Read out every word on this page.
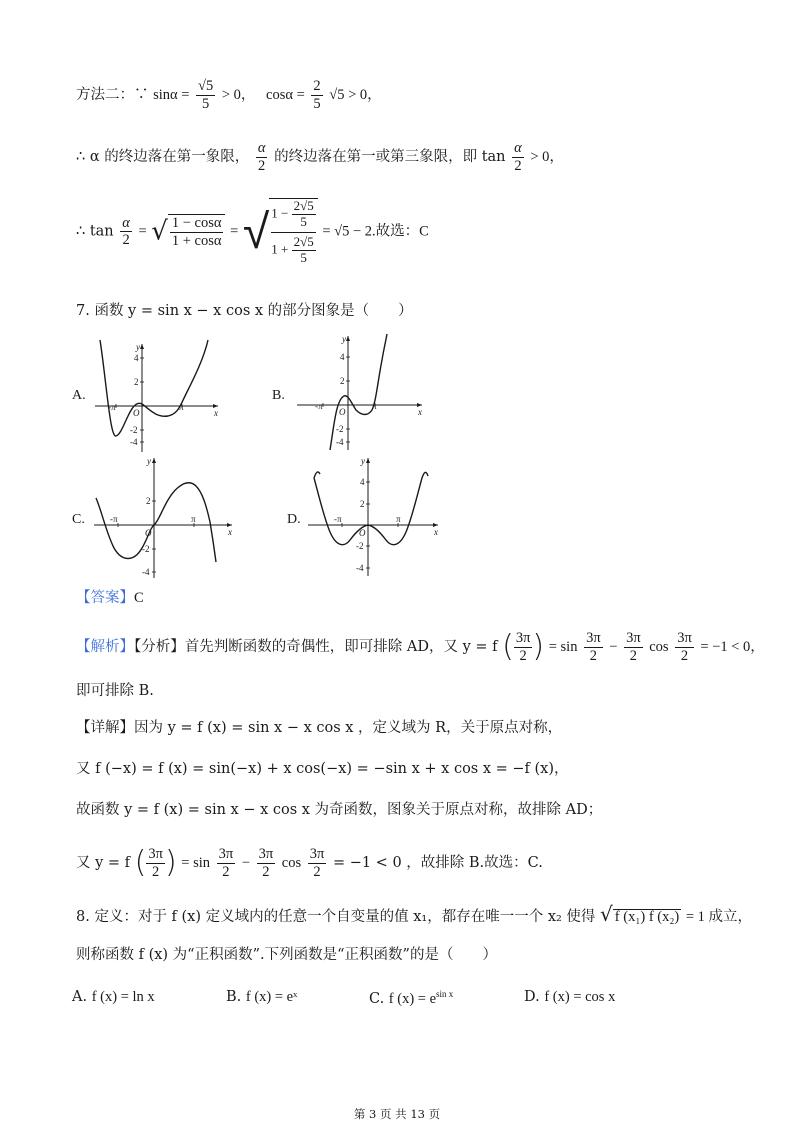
方法二：∵ $\sin\alpha = \frac{√5}{5} > 0$， $\cos\alpha = \frac{2}{5} √5 > 0$，
∴ α 的终边落在第一象限， $\frac{\alpha}{2}$ 的终边落在第一或第三象限，即 $\tan \frac{\alpha}{2} > 0$，
∴ $\tan \frac{\alpha}{2}$ = √ $\frac{1 - \cos\alpha}{1 + \cos\alpha}$ = √ $\frac{1 - \frac{2√5}{5}}{1 + \frac{2√5}{5}} = √5 - 2$.故选：C
7. 函数 y = sin x − x cos x 的部分图象是（　　）
A.	B.
C.	D.
y
x
4
2
O
-2
-4
-π	π
y
x
4
2
O
-2
-4
-π	π
y
x
2
O
-2
-4
-π	π
y
x
4
2
O
-2
-4
-π	π
【答案】C
【解析】【分析】首先判断函数的奇偶性，即可排除 AD，又 y = f ( $\frac{3\pi}{2}$ ) = $\sin \frac{3\pi}{2} - \frac{3\pi}{2}$ $\cos \frac{3\pi}{2} = -1 < 0$，
即可排除 B.
【详解】因为 y = f (x) = sin x − x cos x ，定义域为 R，关于原点对称，
又 f (−x) = f (x) = sin(−x) + x cos(−x) = −sin x + x cos x = −f (x)，
故函数 y = f (x) = sin x − x cos x 为奇函数，图象关于原点对称，故排除 AD；
又 y = f ( $\frac{3\pi}{2}$ ) = $\sin \frac{3\pi}{2} - \frac{3\pi}{2}$ $\cos \frac{3\pi}{2} = -1 < 0$ ，故排除 B.故选：C.
8. 定义：对于 f (x) 定义域内的任意一个自变量的值 x₁，都存在唯一一个 x₂ 使得 √ f (x₁) f (x₂) = 1 成立，
则称函数 f (x) 为“正积函数”.下列函数是“正积函数”的是（　　）
A. f (x) = ln x	B. f (x) = eˣ	C. f $(x) = e^{sin x}$	D. f (x) = cos x
第 3 页 共 13 页
